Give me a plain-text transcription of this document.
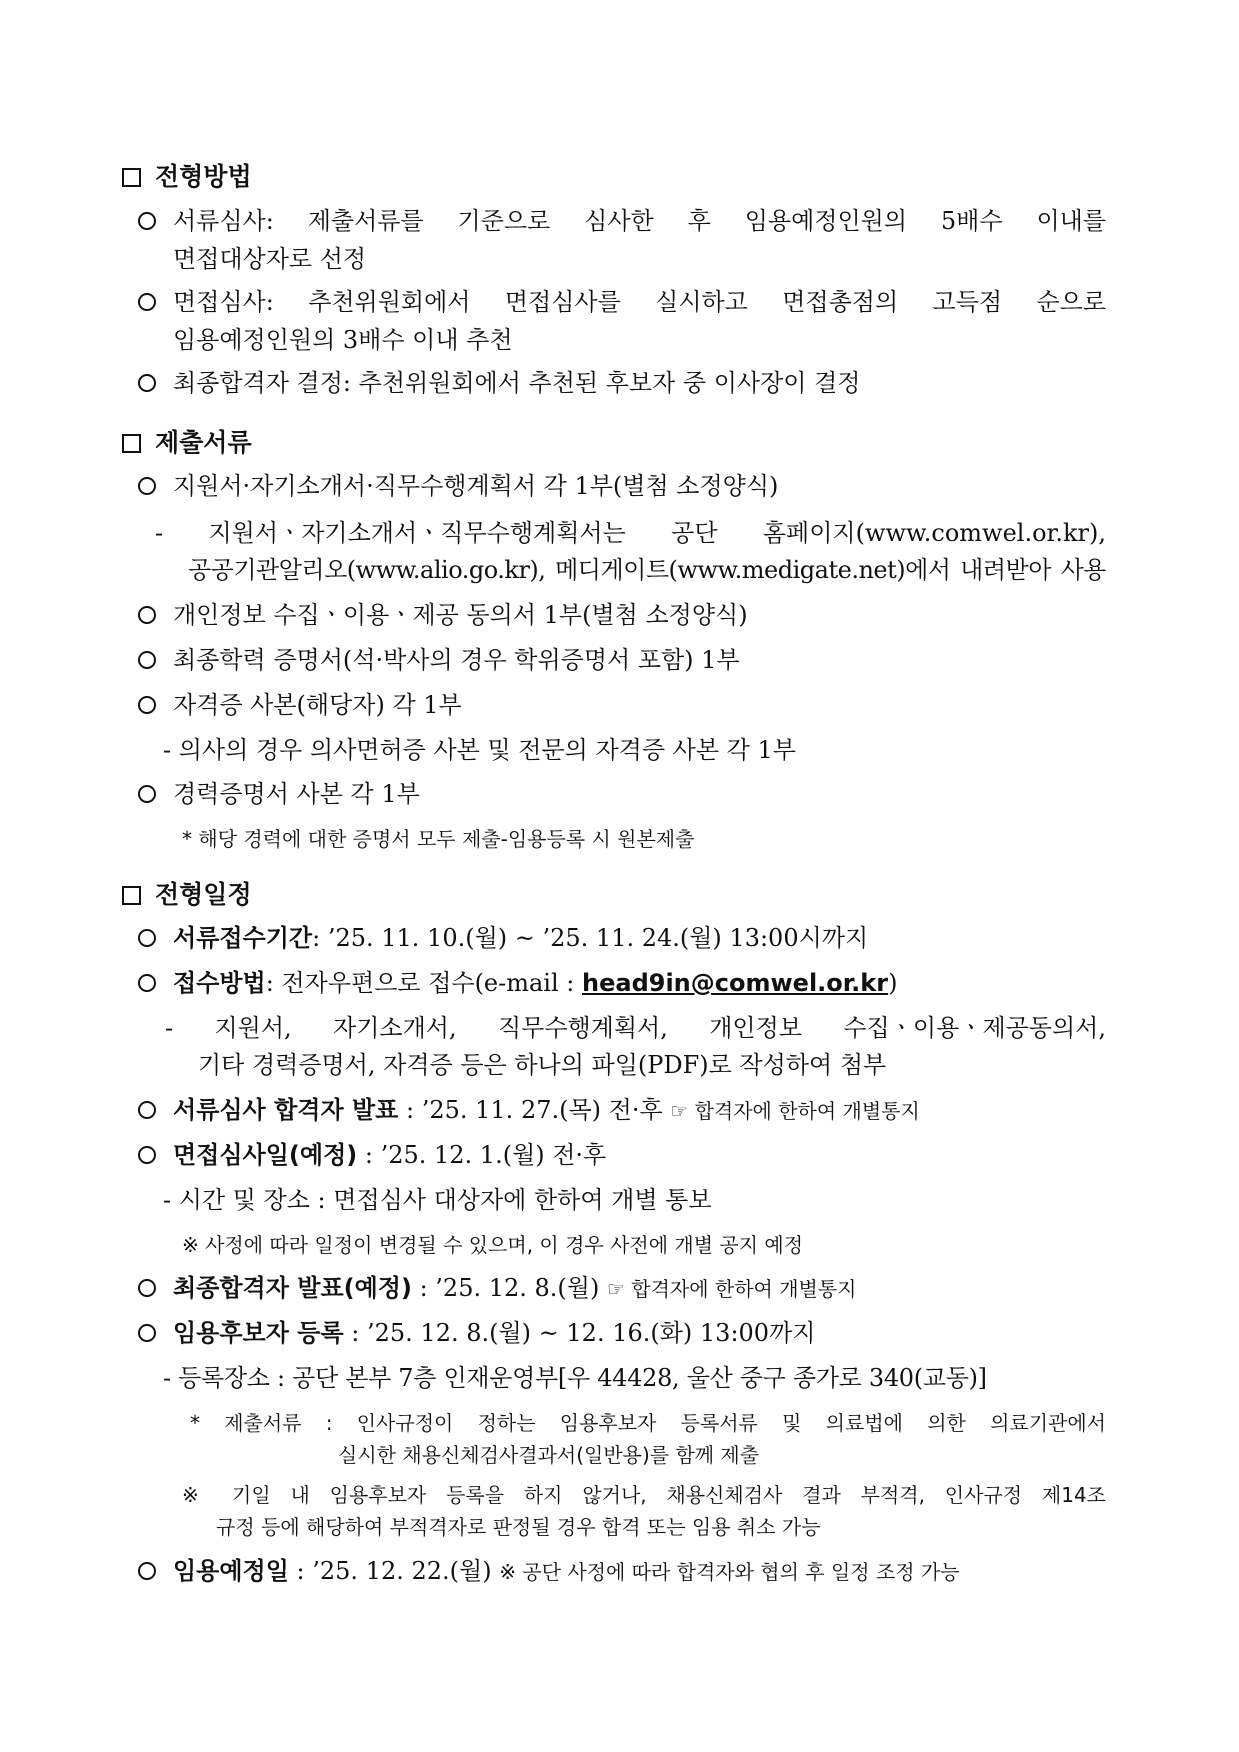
전형방법
서류심사: 제출서류를 기준으로 심사한 후 임용예정인원의 5배수 이내를
면접대상자로 선정
면접심사: 추천위원회에서 면접심사를 실시하고 면접총점의 고득점 순으로
임용예정인원의 3배수 이내 추천
최종합격자 결정: 추천위원회에서 추천된 후보자 중 이사장이 결정
제출서류
지원서·자기소개서·직무수행계획서 각 1부(별첨 소정양식)
- 지원서ㆍ자기소개서ㆍ직무수행계획서는 공단 홈페이지(www.comwel.or.kr),
공공기관알리오(www.alio.go.kr), 메디게이트(www.medigate.net)에서 내려받아 사용
개인정보 수집ㆍ이용ㆍ제공 동의서 1부(별첨 소정양식)
최종학력 증명서(석·박사의 경우 학위증명서 포함) 1부
자격증 사본(해당자) 각 1부
- 의사의 경우 의사면허증 사본 및 전문의 자격증 사본 각 1부
경력증명서 사본 각 1부
* 해당 경력에 대한 증명서 모두 제출-임용등록 시 원본제출
전형일정
서류접수기간: ’25. 11. 10.(월) ~ ’25. 11. 24.(월) 13:00시까지
접수방법: 전자우편으로 접수(e-mail : head9in@comwel.or.kr)
- 지원서, 자기소개서, 직무수행계획서, 개인정보 수집ㆍ이용ㆍ제공동의서,
기타 경력증명서, 자격증 등은 하나의 파일(PDF)로 작성하여 첨부
서류심사 합격자 발표 : ’25. 11. 27.(목) 전·후 ☞ 합격자에 한하여 개별통지
면접심사일(예정) : ’25. 12. 1.(월) 전·후
- 시간 및 장소 : 면접심사 대상자에 한하여 개별 통보
※ 사정에 따라 일정이 변경될 수 있으며, 이 경우 사전에 개별 공지 예정
최종합격자 발표(예정) : ’25. 12. 8.(월) ☞ 합격자에 한하여 개별통지
임용후보자 등록 : ’25. 12. 8.(월) ~ 12. 16.(화) 13:00까지
- 등록장소 : 공단 본부 7층 인재운영부[우 44428, 울산 중구 종가로 340(교동)]
* 제출서류 : 인사규정이 정하는 임용후보자 등록서류 및 의료법에 의한 의료기관에서
실시한 채용신체검사결과서(일반용)를 함께 제출
※ 기일 내 임용후보자 등록을 하지 않거나, 채용신체검사 결과 부적격, 인사규정 제14조
규정 등에 해당하여 부적격자로 판정될 경우 합격 또는 임용 취소 가능
임용예정일 : ’25. 12. 22.(월) ※ 공단 사정에 따라 합격자와 협의 후 일정 조정 가능
